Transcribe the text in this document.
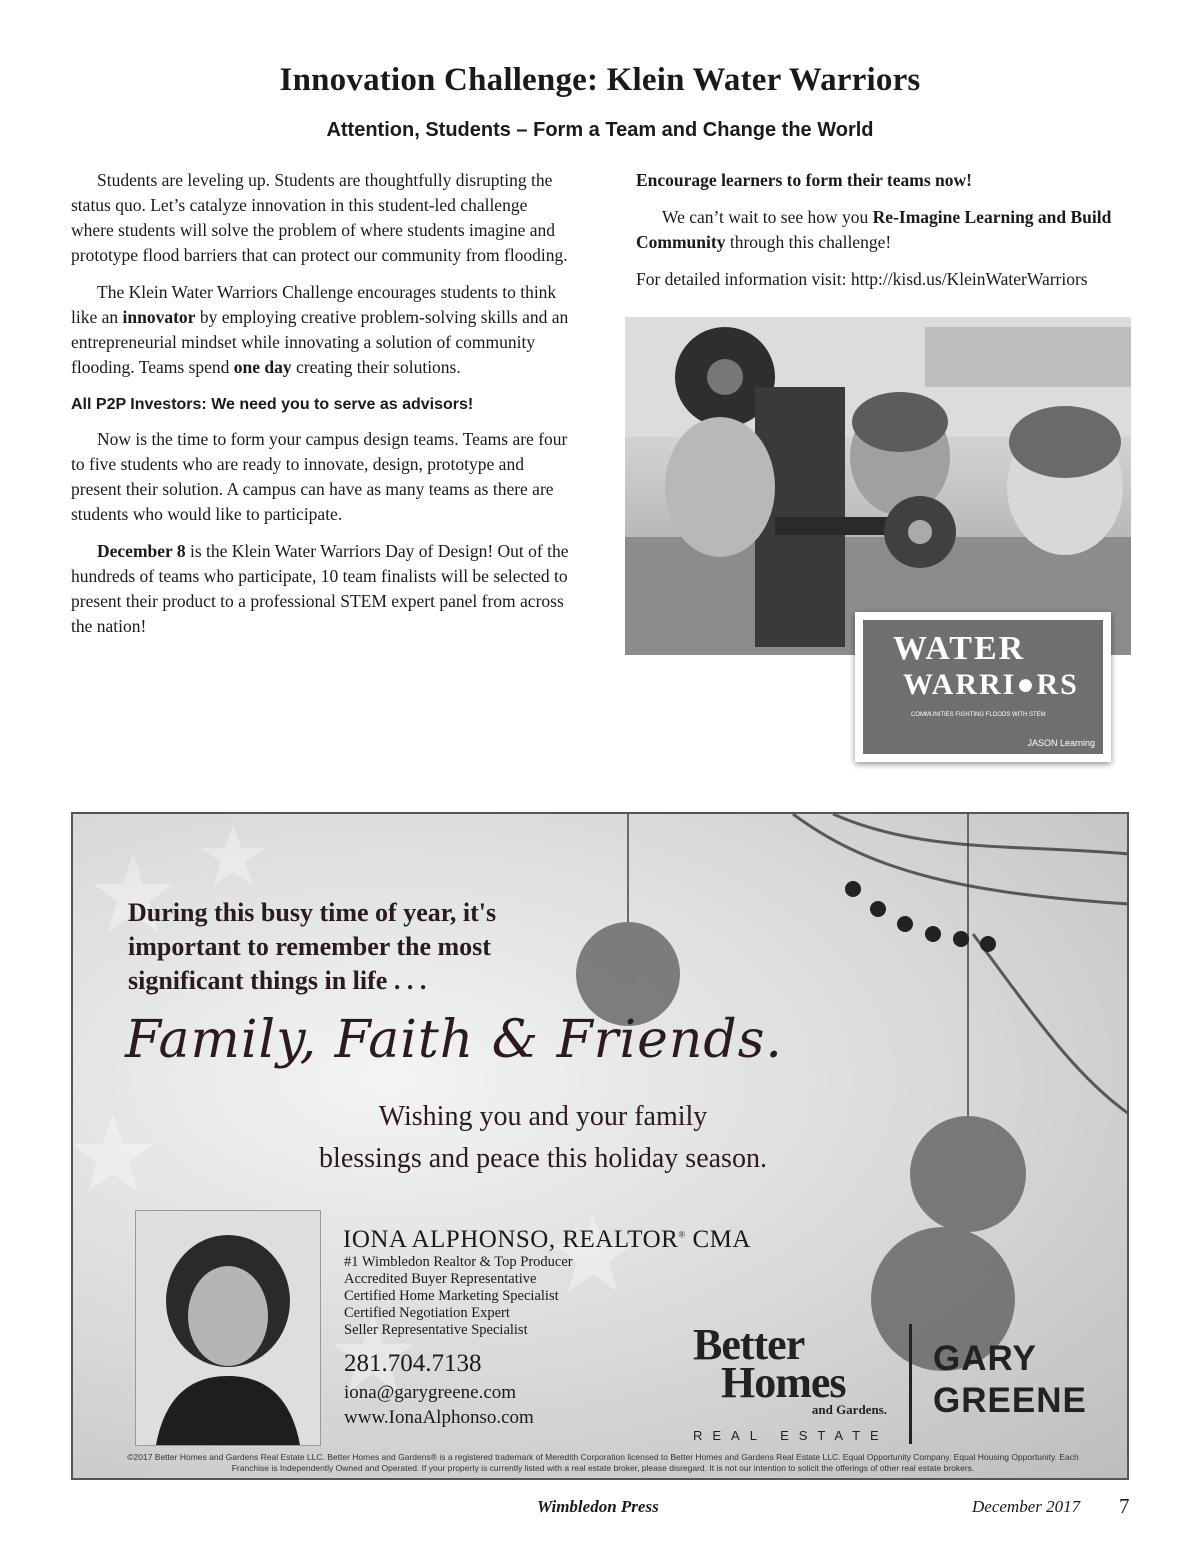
Innovation Challenge: Klein Water Warriors
Attention, Students – Form a Team and Change the World

Students are leveling up. Students are thoughtfully disrupting the status quo. Let’s catalyze innovation in this student-led challenge where students will solve the problem of where students imagine and prototype flood barriers that can protect our community from flooding.

The Klein Water Warriors Challenge encourages students to think like an innovator by employing creative problem-solving skills and an entrepreneurial mindset while innovating a solution of community flooding. Teams spend one day creating their solutions.

All P2P Investors: We need you to serve as advisors!

Now is the time to form your campus design teams. Teams are four to five students who are ready to innovate, design, prototype and present their solution. A campus can have as many teams as there are students who would like to participate.

December 8 is the Klein Water Warriors Day of Design! Out of the hundreds of teams who participate, 10 team finalists will be selected to present their product to a professional STEM expert panel from across the nation!

Encourage learners to form their teams now!

We can’t wait to see how you Re-Imagine Learning and Build Community through this challenge!

For detailed information visit: http://kisd.us/KleinWaterWarriors

WATER
WARRI●RS
COMMUNITIES FIGHTING FLOODS WITH STEM
JASON Learning

During this busy time of year, it's important to remember the most significant things in life . . .

Family, Faith & Friends.

Wishing you and your family
blessings and peace this holiday season.

IONA ALPHONSO, REALTOR® CMA

#1 Wimbledon Realtor & Top Producer
Accredited Buyer Representative
Certified Home Marketing Specialist
Certified Negotiation Expert
Seller Representative Specialist

281.704.7138

iona@garygreene.com

www.IonaAlphonso.com

Better
Homes
and Gardens.
REAL ESTATE
GARY
GREENE

©2017 Better Homes and Gardens Real Estate LLC. Better Homes and Gardens® is a registered trademark of Meredith Corporation licensed to Better Homes and Gardens Real Estate LLC. Equal Opportunity Company. Equal Housing Opportunity. Each Franchise is Independently Owned and Operated. If your property is currently listed with a real estate broker, please disregard. It is not our intention to solicit the offerings of other real estate brokers.

Wimbledon Press	December 2017 7
